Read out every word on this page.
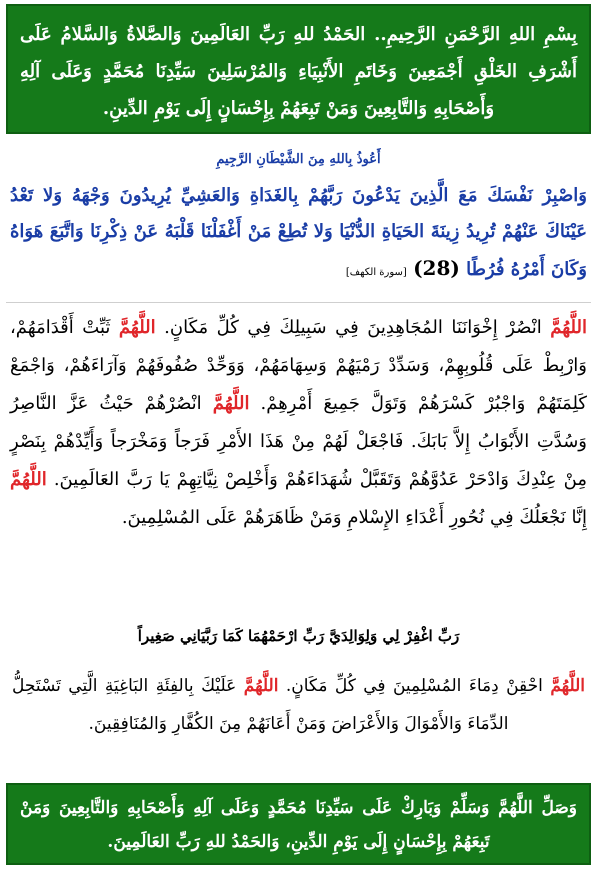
بِسْمِ اللهِ الرَّحْمَنِ الرَّحِيمِ.. الحَمْدُ للهِ رَبِّ العَالَمِينَ وَالصَّلاةُ وَالسَّلامُ عَلَى أَشْرَفِ الخَلْقِ أَجْمَعِينَ وَخَاتَمِ الأَنْبِيَاءِ وَالمُرْسَلِينَ سَيِّدِنَا مُحَمَّدٍ وَعَلَى آلِهِ وَأَصْحَابِهِ وَالتَّابِعِينَ وَمَنْ تَبِعَهُمْ بِإِحْسَانٍ إِلَى يَوْمِ الدِّينِ.
أَعُوذُ بِاللهِ مِنَ الشَّيْطَانِ الرَّجِيمِ
وَاصْبِرْ نَفْسَكَ مَعَ الَّذِينَ يَدْعُونَ رَبَّهُمْ بِالغَدَاةِ وَالعَشِيِّ يُرِيدُونَ وَجْهَهُ وَلا تَعْدُ عَيْنَاكَ عَنْهُمْ تُرِيدُ زِينَةَ الحَيَاةِ الدُّنْيَا وَلا تُطِعْ مَنْ أَغْفَلْنَا قَلْبَهُ عَنْ ذِكْرِنَا وَاتَّبَعَ هَوَاهُ وَكَانَ أَمْرُهُ فُرُطًا (28) [سورة الكهف]
اللَّهُمَّ انْصُرْ إِخْوَانَنَا المُجَاهِدِينَ فِي سَبِيلِكَ فِي كُلِّ مَكَانٍ. اللَّهُمَّ ثَبِّتْ أَقْدَامَهُمْ، وَارْبِطْ عَلَى قُلُوبِهِمْ، وَسَدِّدْ رَمْيَهُمْ وَسِهَامَهُمْ، وَوَحِّدْ صُفُوفَهُمْ وَآرَاءَهُمْ، وَاجْمَعْ كَلِمَتَهُمْ وَاجْبُرْ كَسْرَهُمْ وَتَوَلَّ جَمِيعَ أَمْرِهِمْ. اللَّهُمَّ انْصُرْهُمْ حَيْثُ عَزَّ النَّاصِرُ وَسُدَّتِ الأَبْوَابُ إِلاَّ بَابَكَ. فَاجْعَلْ لَهُمْ مِنْ هَذَا الأَمْرِ فَرَجاً وَمَخْرَجاً وَأَيِّدْهُمْ بِنَصْرٍ مِنْ عِنْدِكَ وَادْحَرْ عَدُوَّهُمْ وَتَقَبَّلْ شُهَدَاءَهُمْ وَأَخْلِصْ نِيَّاتِهِمْ يَا رَبَّ العَالَمِينَ. اللَّهُمَّ إِنَّا نَجْعَلُكَ فِي نُحُورِ أَعْدَاءِ الإِسْلامِ وَمَنْ ظَاهَرَهُمْ عَلَى المُسْلِمِينَ.
رَبِّ اغْفِرْ لِي وَلِوَالِدَيَّ رَبِّ ارْحَمْهُمَا كَمَا رَبَّيَانِي صَغِيراً
اللَّهُمَّ احْقِنْ دِمَاءَ المُسْلِمِينَ فِي كُلِّ مَكَانٍ. اللَّهُمَّ عَلَيْكَ بِالفِئَةِ البَاغِيَةِ الَّتِي تَسْتَحِلُّ الدِّمَاءَ وَالأَمْوَالَ وَالأَعْرَاضَ وَمَنْ أَعَانَهُمْ مِنَ الكُفَّارِ وَالمُنَافِقِينَ.
وَصَلِّ اللَّهُمَّ وَسَلِّمْ وَبَارِكْ عَلَى سَيِّدِنَا مُحَمَّدٍ وَعَلَى آلِهِ وَأَصْحَابِهِ وَالتَّابِعِينَ وَمَنْ تَبِعَهُمْ بِإِحْسَانٍ إِلَى يَوْمِ الدِّينِ، وَالحَمْدُ للهِ رَبِّ العَالَمِينَ.
